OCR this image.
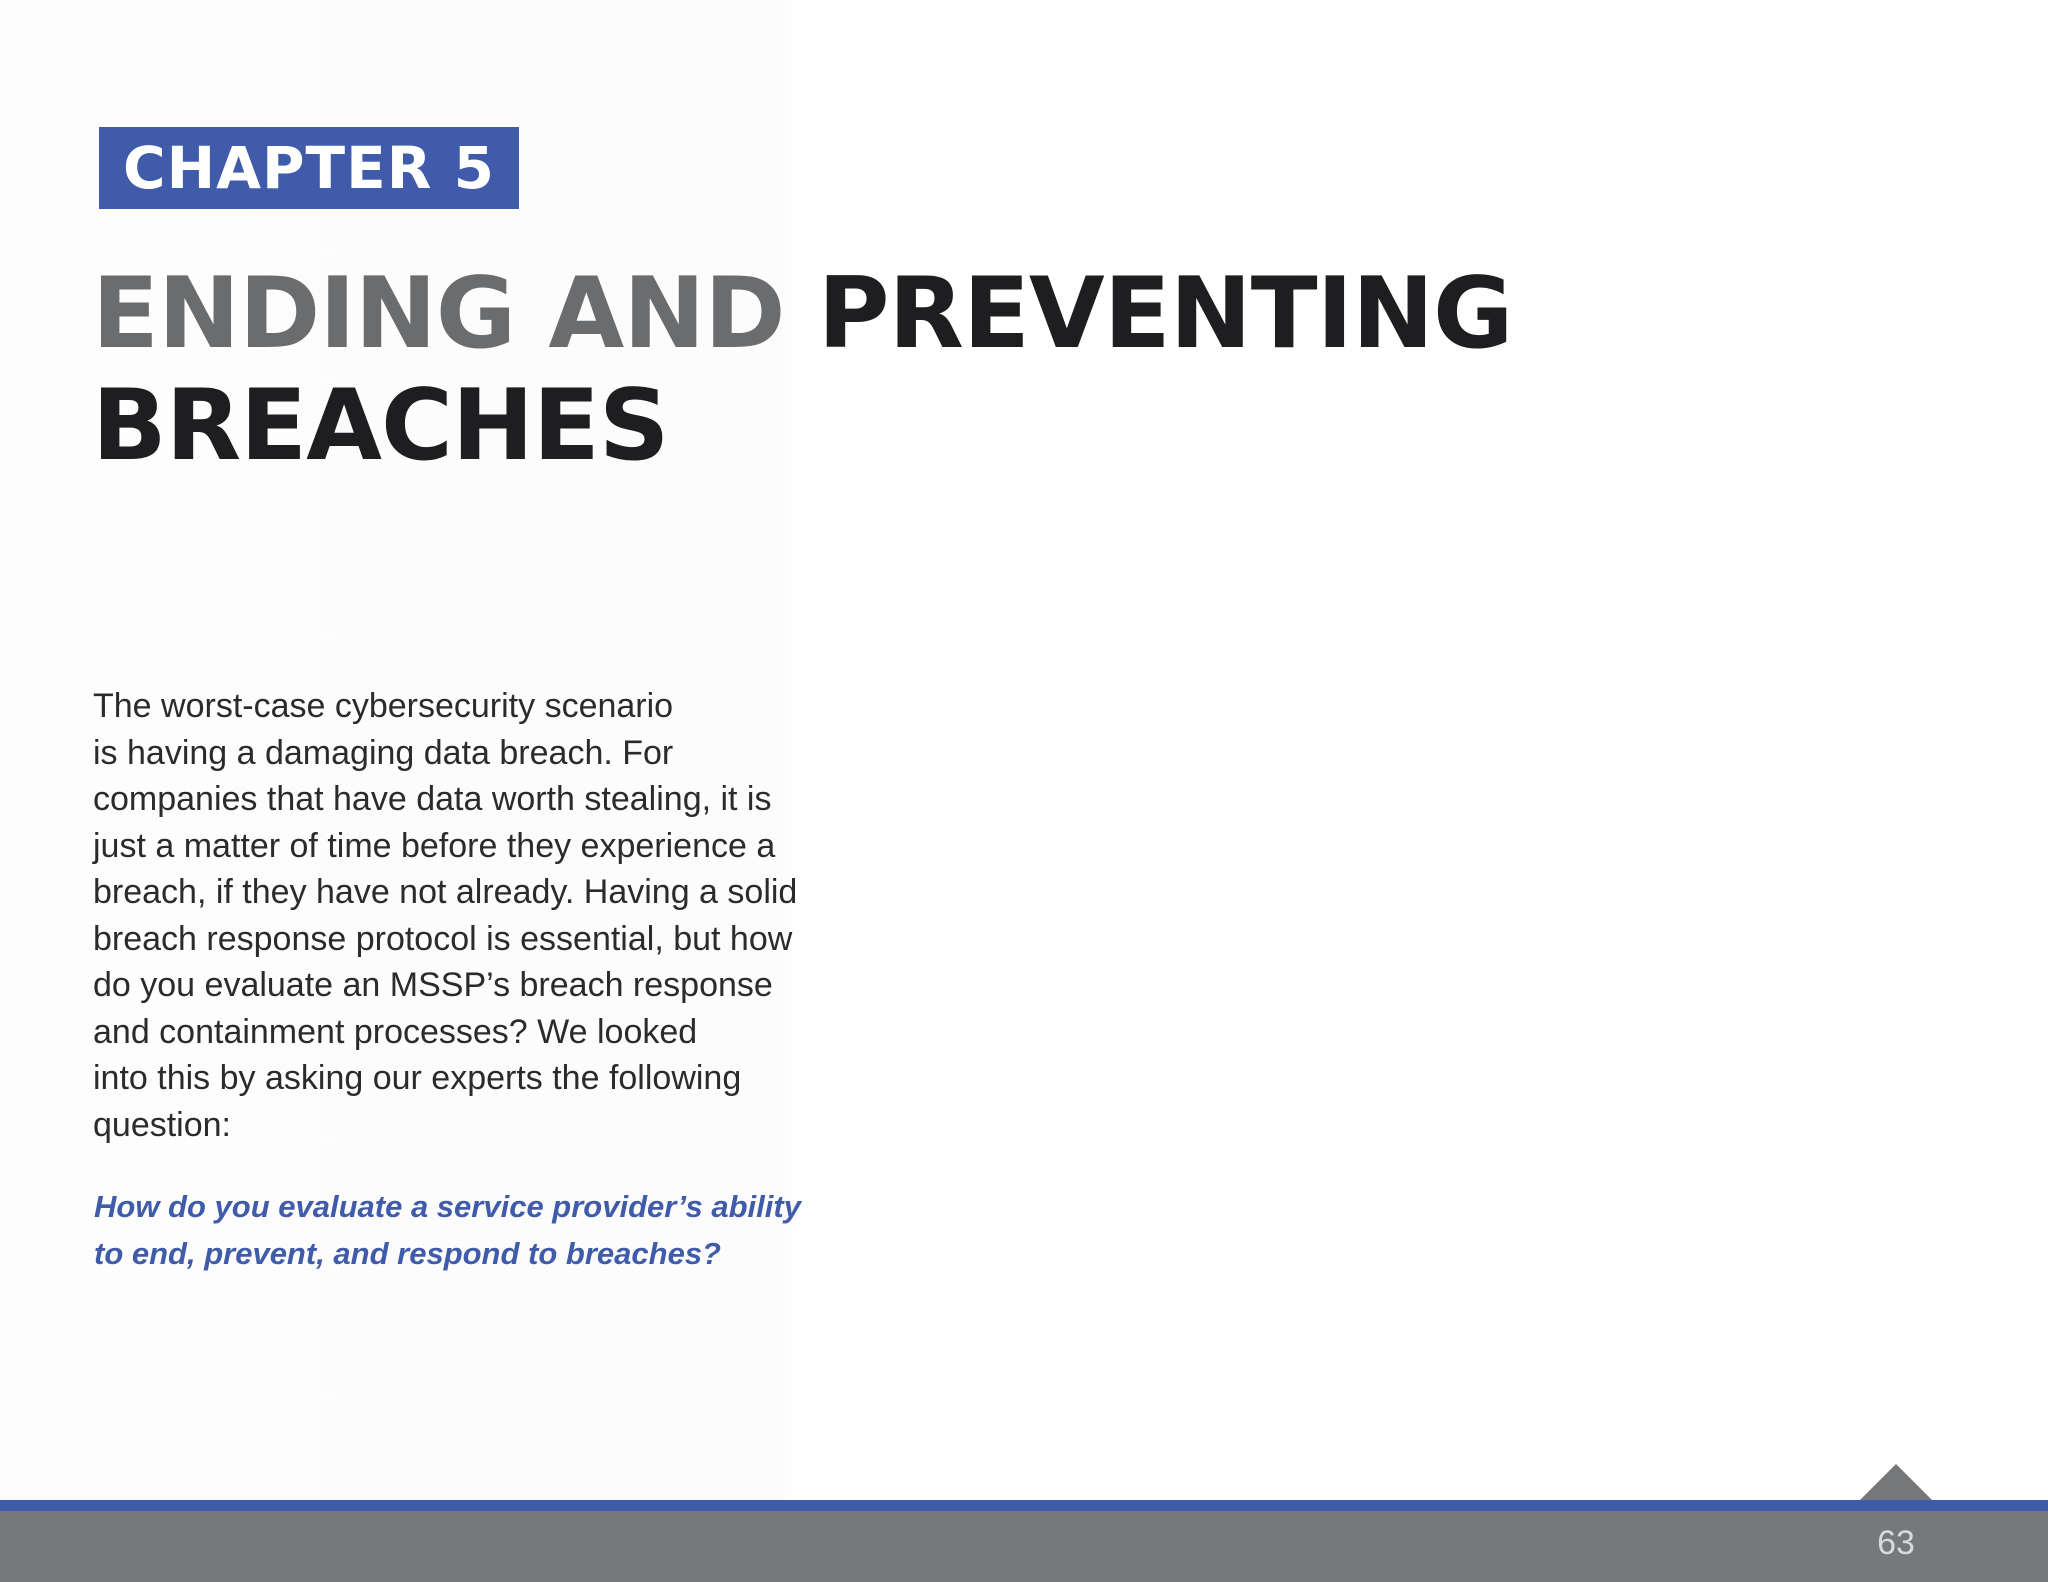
CHAPTER 5
ENDING AND PREVENTING
BREACHES

The worst-case cybersecurity scenario
is having a damaging data breach. For
companies that have data worth stealing, it is
just a matter of time before they experience a
breach, if they have not already. Having a solid
breach response protocol is essential, but how
do you evaluate an MSSP’s breach response
and containment processes? We looked
into this by asking our experts the following
question:

How do you evaluate a service provider’s ability
to end, prevent, and respond to breaches?

63
